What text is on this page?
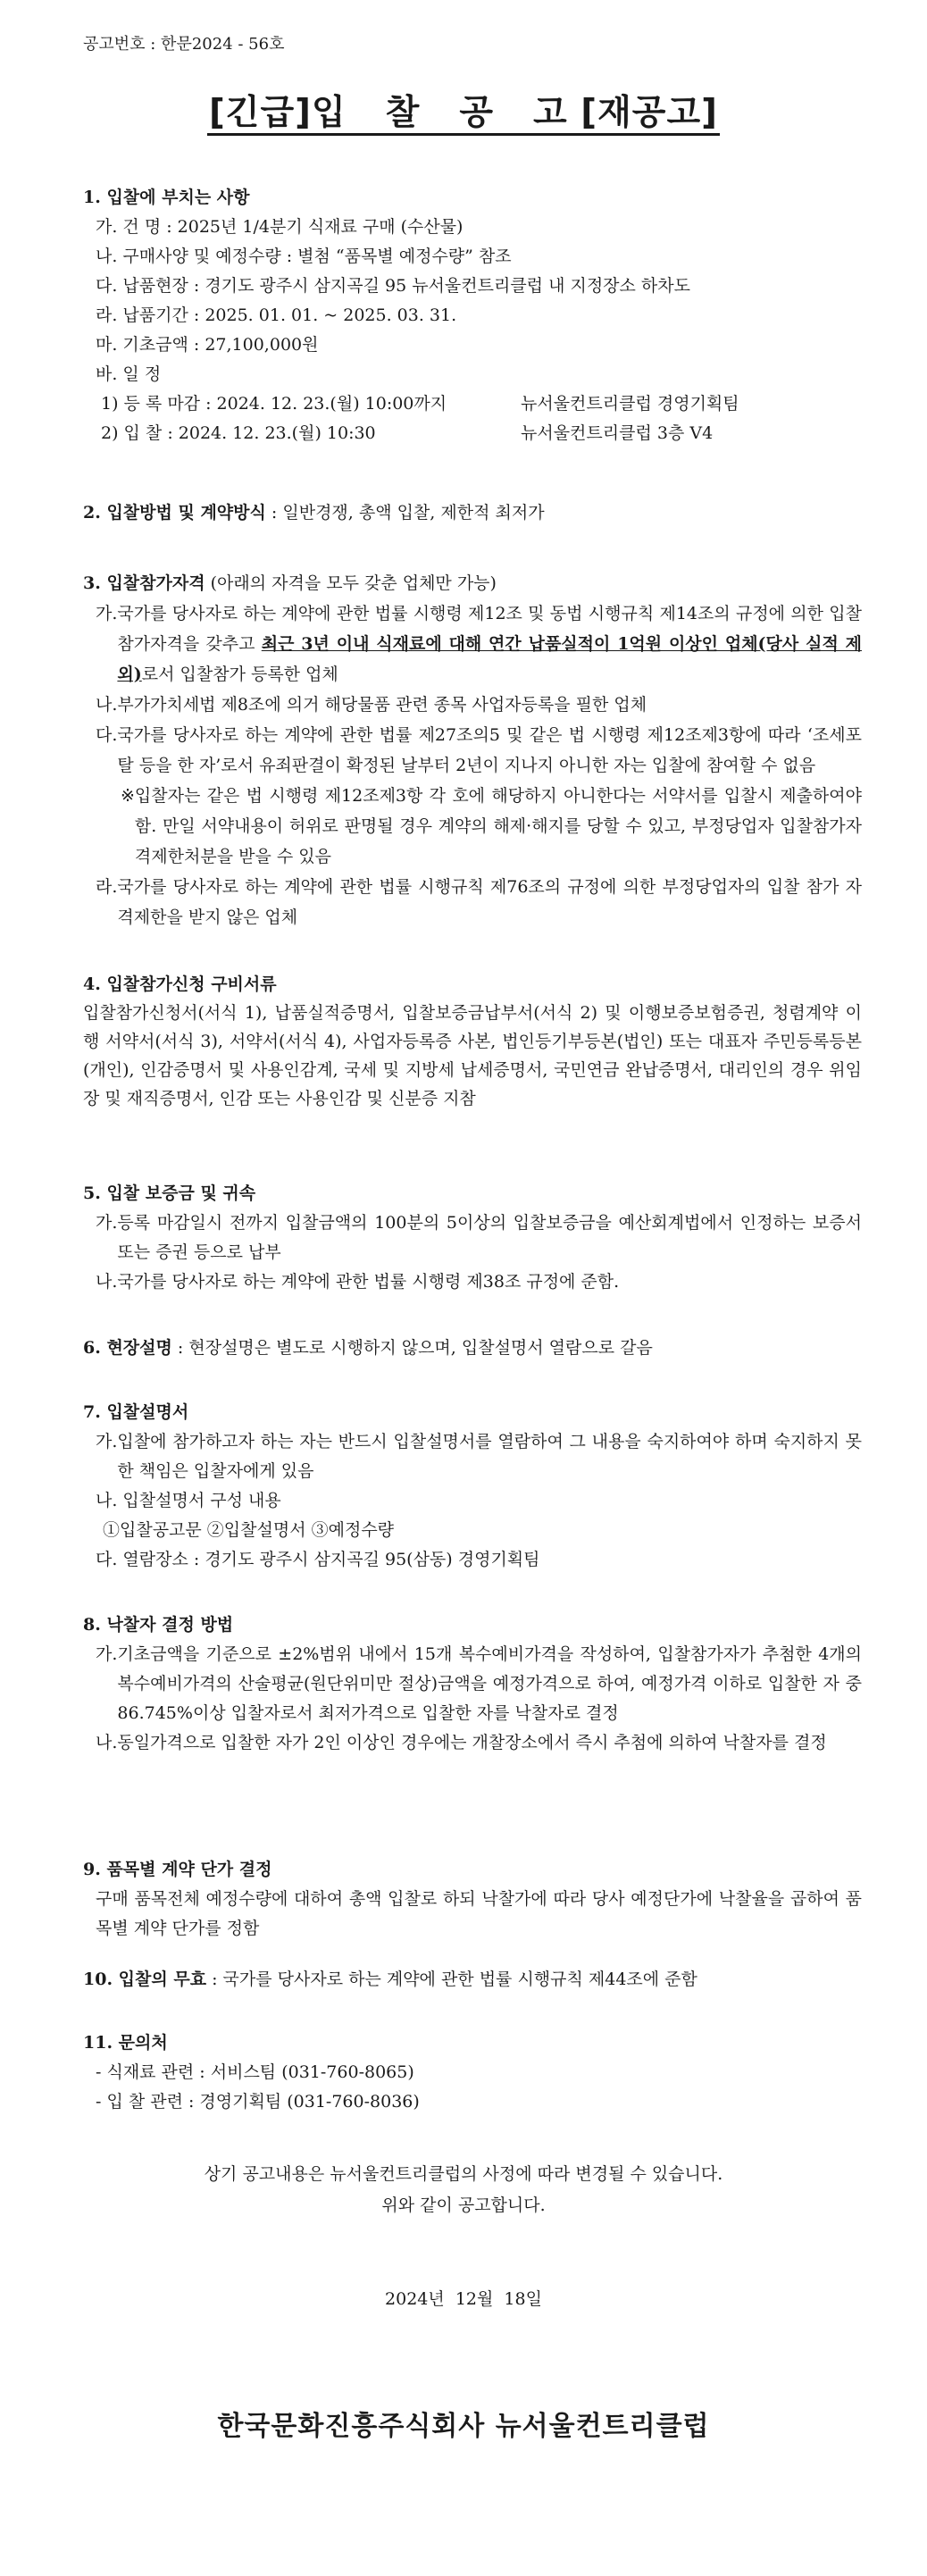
공고번호 : 한문2024 - 56호
[긴급]입 찰 공 고 [재공고]
1. 입찰에 부치는 사항
가. 건 명 : 2025년 1/4분기 식재료 구매 (수산물)
나. 구매사양 및 예정수량 : 별첨 “품목별 예정수량” 참조
다. 납품현장 : 경기도 광주시 삼지곡길 95 뉴서울컨트리클럽 내 지정장소 하차도
라. 납품기간 : 2025. 01. 01. ~ 2025. 03. 31.
마. 기초금액 : 27,100,000원
바. 일 정
1) 등 록 마감 : 2024. 12. 23.(월) 10:00까지	뉴서울컨트리클럽 경영기획팀
2) 입 찰 : 2024. 12. 23.(월) 10:30	뉴서울컨트리클럽 3층 V4
2. 입찰방법 및 계약방식 : 일반경쟁, 총액 입찰, 제한적 최저가
3. 입찰참가자격 (아래의 자격을 모두 갖춘 업체만 가능)
가. 국가를 당사자로 하는 계약에 관한 법률 시행령 제12조 및 동법 시행규칙 제14조의 규정에 의한 입찰참가자격을 갖추고 최근 3년 이내 식재료에 대해 연간 납품실적이 1억원 이상인 업체(당사 실적 제외)로서 입찰참가 등록한 업체
나. 부가가치세법 제8조에 의거 해당물품 관련 종목 사업자등록을 필한 업체
다. 국가를 당사자로 하는 계약에 관한 법률 제27조의5 및 같은 법 시행령 제12조제3항에 따라 ‘조세포탈 등을 한 자’로서 유죄판결이 확정된 날부터 2년이 지나지 아니한 자는 입찰에 참여할 수 없음
※ 입찰자는 같은 법 시행령 제12조제3항 각 호에 해당하지 아니한다는 서약서를 입찰시 제출하여야 함. 만일 서약내용이 허위로 판명될 경우 계약의 해제·해지를 당할 수 있고, 부정당업자 입찰참가자격제한처분을 받을 수 있음
라. 국가를 당사자로 하는 계약에 관한 법률 시행규칙 제76조의 규정에 의한 부정당업자의 입찰 참가 자격제한을 받지 않은 업체
4. 입찰참가신청 구비서류
입찰참가신청서(서식 1), 납품실적증명서, 입찰보증금납부서(서식 2) 및 이행보증보험증권, 청렴계약 이행 서약서(서식 3), 서약서(서식 4), 사업자등록증 사본, 법인등기부등본(법인) 또는 대표자 주민등록등본(개인), 인감증명서 및 사용인감계, 국세 및 지방세 납세증명서, 국민연금 완납증명서, 대리인의 경우 위임장 및 재직증명서, 인감 또는 사용인감 및 신분증 지참
5. 입찰 보증금 및 귀속
가. 등록 마감일시 전까지 입찰금액의 100분의 5이상의 입찰보증금을 예산회계법에서 인정하는 보증서 또는 증권 등으로 납부
나. 국가를 당사자로 하는 계약에 관한 법률 시행령 제38조 규정에 준함.
6. 현장설명 : 현장설명은 별도로 시행하지 않으며, 입찰설명서 열람으로 갈음
7. 입찰설명서
가. 입찰에 참가하고자 하는 자는 반드시 입찰설명서를 열람하여 그 내용을 숙지하여야 하며 숙지하지 못한 책임은 입찰자에게 있음
나. 입찰설명서 구성 내용
①입찰공고문 ②입찰설명서 ③예정수량
다. 열람장소 : 경기도 광주시 삼지곡길 95(삼동) 경영기획팀
8. 낙찰자 결정 방법
가. 기초금액을 기준으로 ±2%범위 내에서 15개 복수예비가격을 작성하여, 입찰참가자가 추첨한 4개의 복수예비가격의 산술평균(원단위미만 절상)금액을 예정가격으로 하여, 예정가격 이하로 입찰한 자 중 86.745%이상 입찰자로서 최저가격으로 입찰한 자를 낙찰자로 결정
나. 동일가격으로 입찰한 자가 2인 이상인 경우에는 개찰장소에서 즉시 추첨에 의하여 낙찰자를 결정
9. 품목별 계약 단가 결정
구매 품목전체 예정수량에 대하여 총액 입찰로 하되 낙찰가에 따라 당사 예정단가에 낙찰율을 곱하여 품목별 계약 단가를 정함
10. 입찰의 무효 : 국가를 당사자로 하는 계약에 관한 법률 시행규칙 제44조에 준함
11. 문의처
- 식재료 관련 : 서비스팀 (031-760-8065)
- 입 찰 관련 : 경영기획팀 (031-760-8036)
상기 공고내용은 뉴서울컨트리클럽의 사정에 따라 변경될 수 있습니다.
위와 같이 공고합니다.
2024년  12월  18일
한국문화진흥주식회사 뉴서울컨트리클럽
